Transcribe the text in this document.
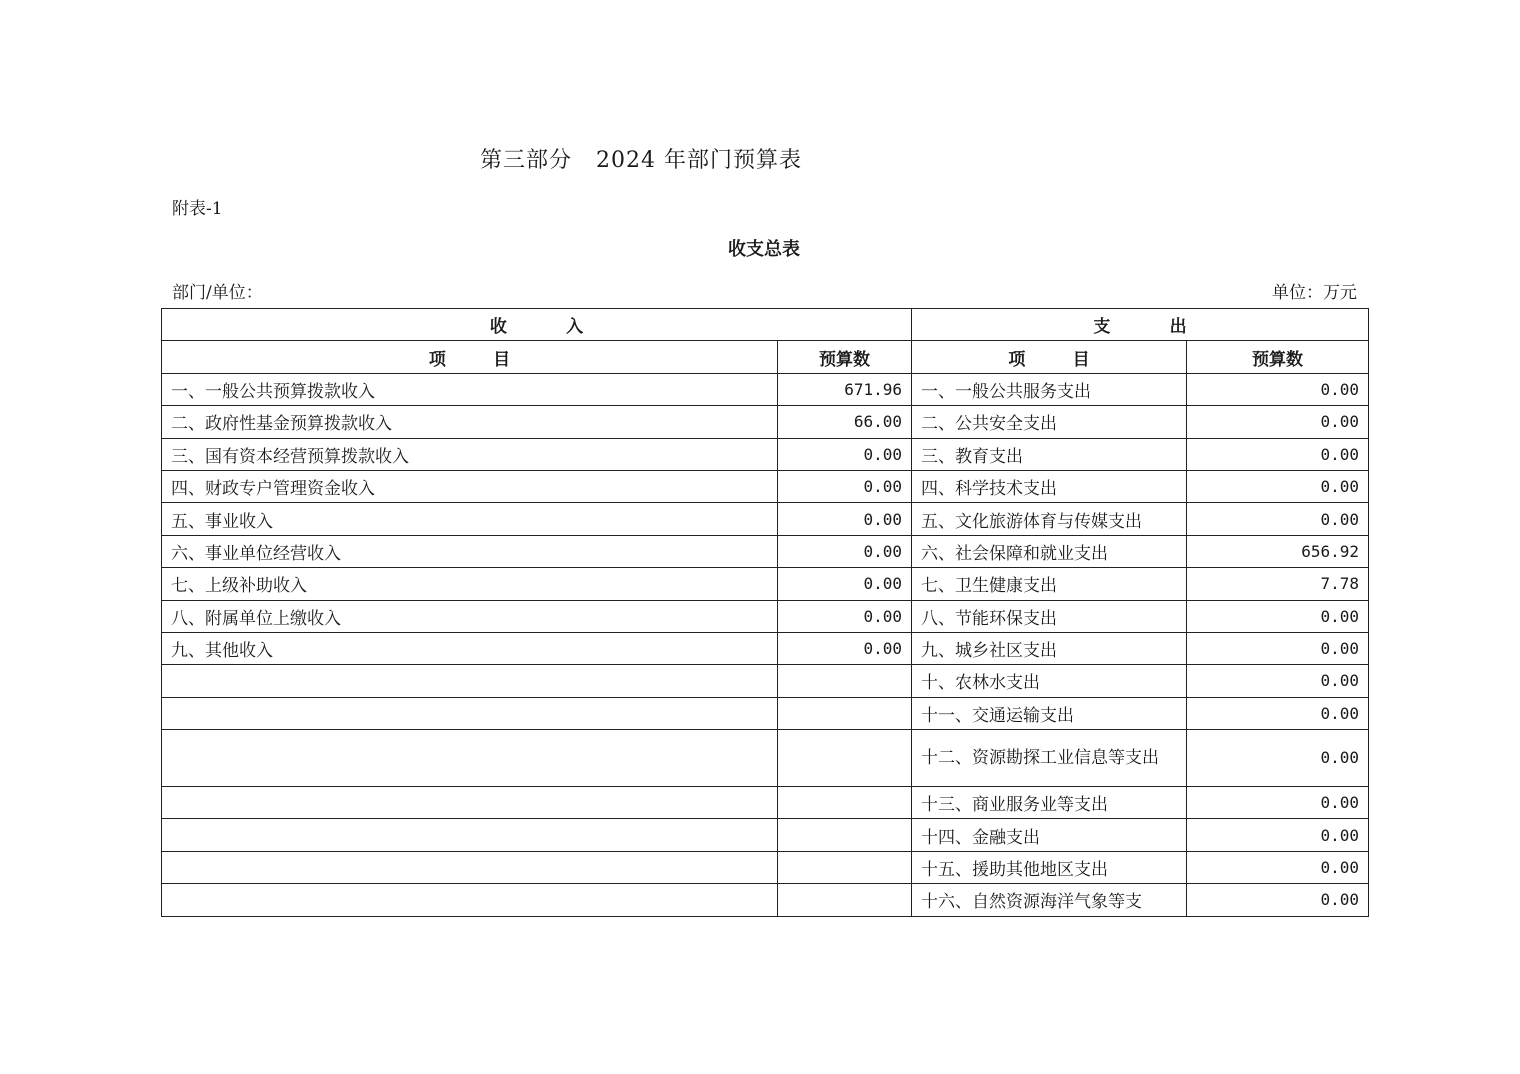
第三部分   2024 年部门预算表
附表-1
收支总表
部门/单位：	单位：万元
收          入		支          出	
项        目	预算数	项        目	预算数
一、一般公共预算拨款收入	671.96	一、一般公共服务支出	0.00
二、政府性基金预算拨款收入	66.00	二、公共安全支出	0.00
三、国有资本经营预算拨款收入	0.00	三、教育支出	0.00
四、财政专户管理资金收入	0.00	四、科学技术支出	0.00
五、事业收入	0.00	五、文化旅游体育与传媒支出	0.00
六、事业单位经营收入	0.00	六、社会保障和就业支出	656.92
七、上级补助收入	0.00	七、卫生健康支出	7.78
八、附属单位上缴收入	0.00	八、节能环保支出	0.00
九、其他收入	0.00	九、城乡社区支出	0.00
		十、农林水支出	0.00
		十一、交通运输支出	0.00
		十二、资源勘探工业信息等支出	0.00
		十三、商业服务业等支出	0.00
		十四、金融支出	0.00
		十五、援助其他地区支出	0.00
		十六、自然资源海洋气象等支	0.00
